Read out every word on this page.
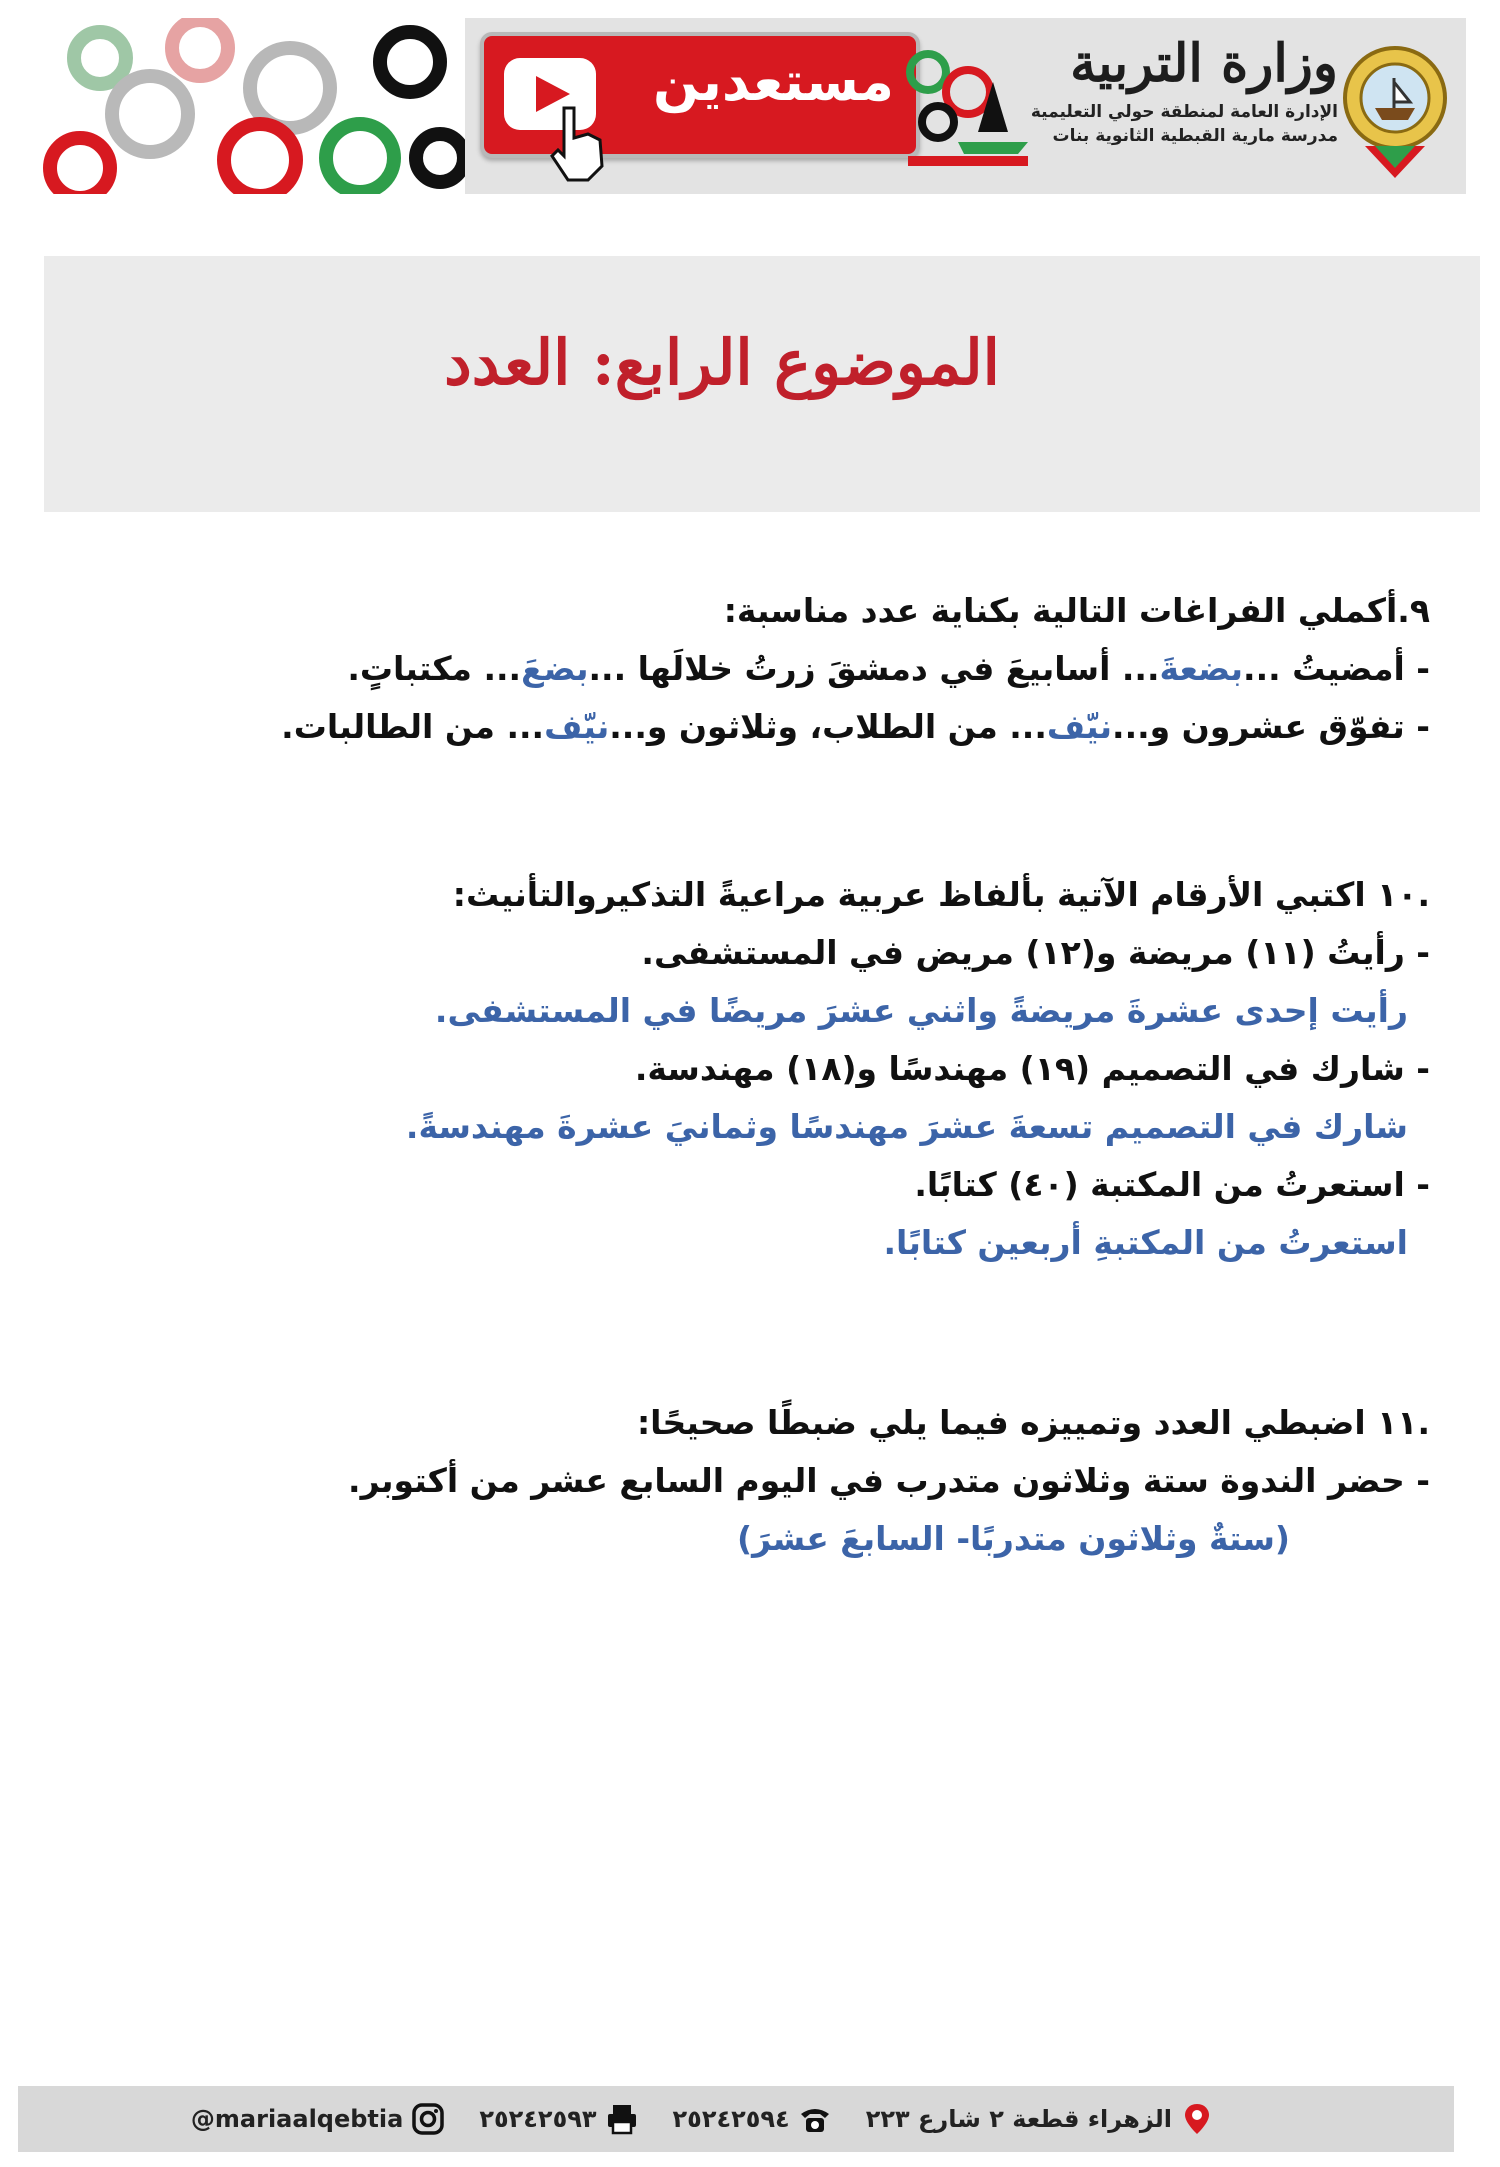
مستعدين	وزارة التربية
الإدارة العامة لمنطقة حولي التعليمية
مدرسة مارية القبطية الثانوية بنات
الموضوع الرابع: العدد
٩.أكملي الفراغات التالية بكناية عدد مناسبة:
- أمضيتُ ...بضعةَ... أسابيعَ في دمشقَ زرتُ خلالَها ...بضعَ... مكتباتٍ.
- تفوّق عشرون و...نيّف... من الطلاب، وثلاثون و...نيّف... من الطالبات.
.١٠ اكتبي الأرقام الآتية بألفاظ عربية مراعيةً التذكيروالتأنيث:
- رأيتُ (١١) مريضة و(١٢) مريض في المستشفى.
رأيت إحدى عشرةَ مريضةً واثني عشرَ مريضًا في المستشفى.
- شارك في التصميم (١٩) مهندسًا و(١٨) مهندسة.
شارك في التصميم تسعةَ عشرَ مهندسًا وثمانيَ عشرةَ مهندسةً.
- استعرتُ من المكتبة (٤٠) كتابًا.
استعرتُ من المكتبةِ أربعين كتابًا.
.١١ اضبطي العدد وتمييزه فيما يلي ضبطًا صحيحًا:
- حضر الندوة ستة وثلاثون متدرب في اليوم السابع عشر من أكتوبر.
(ستةٌ وثلاثون متدربًا- السابعَ عشرَ)
@mariaalqebtia	٢٥٢٤٢٥٩٣	٢٥٢٤٢٥٩٤	الزهراء قطعة ٢ شارع ٢٢٣
